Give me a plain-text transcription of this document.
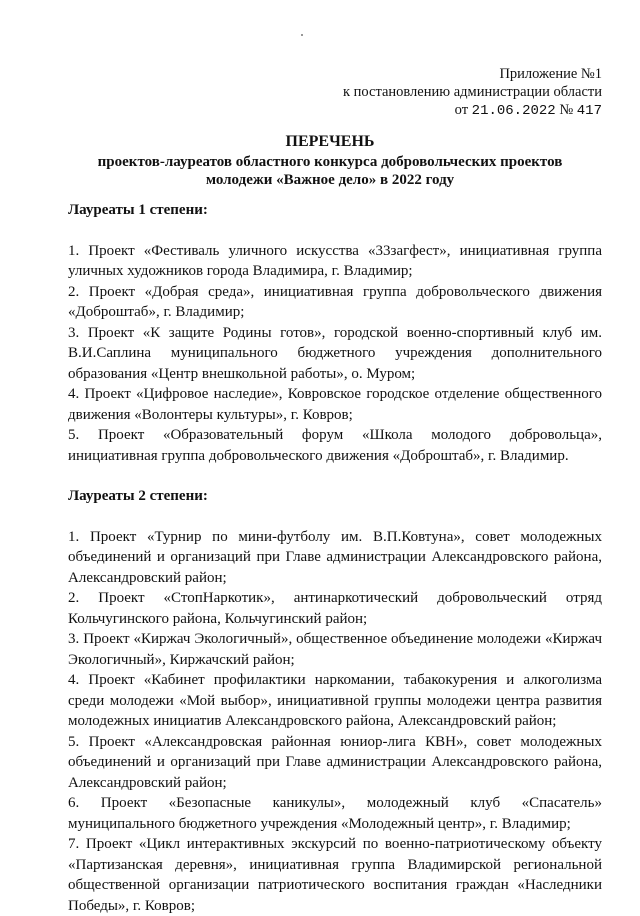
Приложение №1
к постановлению администрации области
от 21.06.2022 № 417
ПЕРЕЧЕНЬ
проектов-лауреатов областного конкурса добровольческих проектов
молодежи «Важное дело» в 2022 году

Лауреаты 1 степени:

1. Проект «Фестиваль уличного искусства «33загфест», инициативная группа уличных художников города Владимира, г. Владимир;

2. Проект «Добрая среда», инициативная группа добровольческого движения «Доброштаб», г. Владимир;

3. Проект «К защите Родины готов», городской военно-спортивный клуб им. В.И.Саплина муниципального бюджетного учреждения дополнительного образования «Центр внешкольной работы», о. Муром;

4. Проект «Цифровое наследие», Ковровское городское отделение общественного движения «Волонтеры культуры», г. Ковров;

5. Проект «Образовательный форум «Школа молодого добровольца», инициативная группа добровольческого движения «Доброштаб», г. Владимир.

Лауреаты 2 степени:

1. Проект «Турнир по мини-футболу им. В.П.Ковтуна», совет молодежных объединений и организаций при Главе администрации Александровского района, Александровский район;

2. Проект «СтопНаркотик», антинаркотический добровольческий отряд Кольчугинского района, Кольчугинский район;

3. Проект «Киржач Экологичный», общественное объединение молодежи «Киржач Экологичный», Киржачский район;

4. Проект «Кабинет профилактики наркомании, табакокурения и алкоголизма среди молодежи «Мой выбор», инициативной группы молодежи центра развития молодежных инициатив Александровского района, Александровский район;

5. Проект «Александровская районная юниор-лига КВН», совет молодежных объединений и организаций при Главе администрации Александровского района, Александровский район;

6. Проект «Безопасные каникулы», молодежный клуб «Спасатель» муниципального бюджетного учреждения «Молодежный центр», г. Владимир;

7. Проект «Цикл интерактивных экскурсий по военно-патриотическому объекту «Партизанская деревня», инициативная группа Владимирской региональной общественной организации патриотического воспитания граждан «Наследники Победы», г. Ковров;
